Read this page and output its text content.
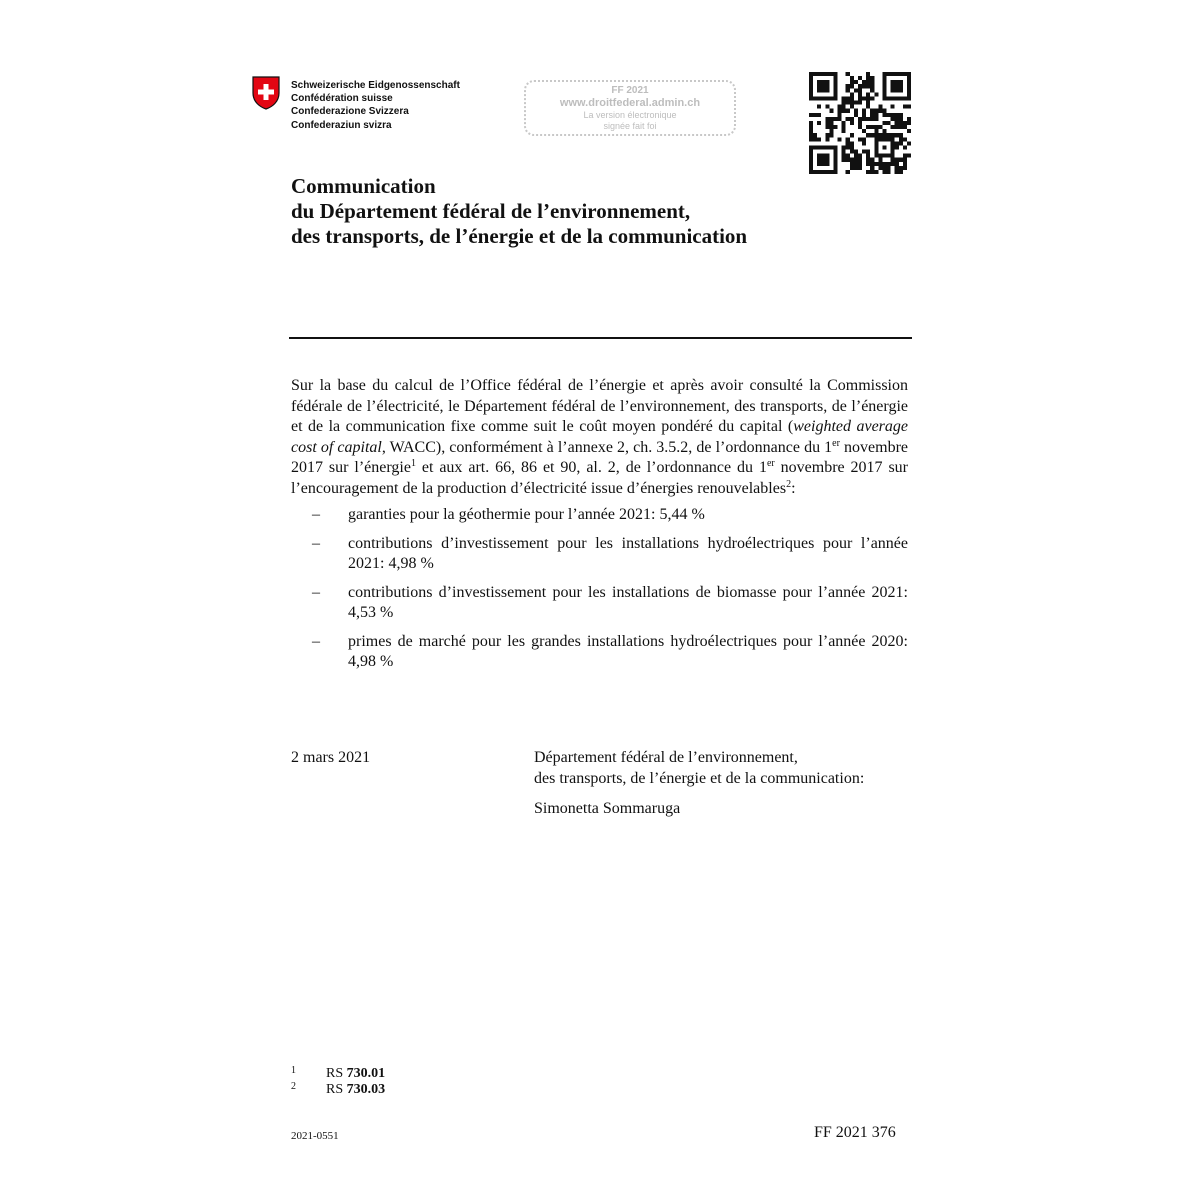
Schweizerische Eidgenossenschaft
Confédération suisse
Confederazione Svizzera
Confederaziun svizra
FF 2021
www.droitfederal.admin.ch
La version électronique
signée fait foi
Communication
du Département fédéral de l’environnement,
des transports, de l’énergie et de la communication

Sur la base du calcul de l’Office fédéral de l’énergie et après avoir consulté la Commission fédérale de l’électricité, le Département fédéral de l’environnement, des transports, de l’énergie et de la communication fixe comme suit le coût moyen pondéré du capital (weighted average cost of capital, WACC), conformément à l’annexe 2, ch. 3.5.2, de l’ordonnance du 1er novembre 2017 sur l’énergie$^1$ et aux art. 66, 86 et 90, al. 2, de l’ordonnance du 1er novembre 2017 sur l’encouragement de la production d’électricité issue d’énergies renouvelables$^2$:

– garanties pour la géothermie pour l’année 2021: 5,44 %
– contributions d’investissement pour les installations hydroélectriques pour l’année 2021: 4,98 %
– contributions d’investissement pour les installations de biomasse pour l’année 2021: 4,53 %
– primes de marché pour les grandes installations hydroélectriques pour l’année 2020: 4,98 %
2 mars 2021	Département fédéral de l’environnement,
des transports, de l’énergie et de la communication:
Simonetta Sommaruga
1 RS 730.01
2 RS 730.03
2021-0551	FF 2021 376
